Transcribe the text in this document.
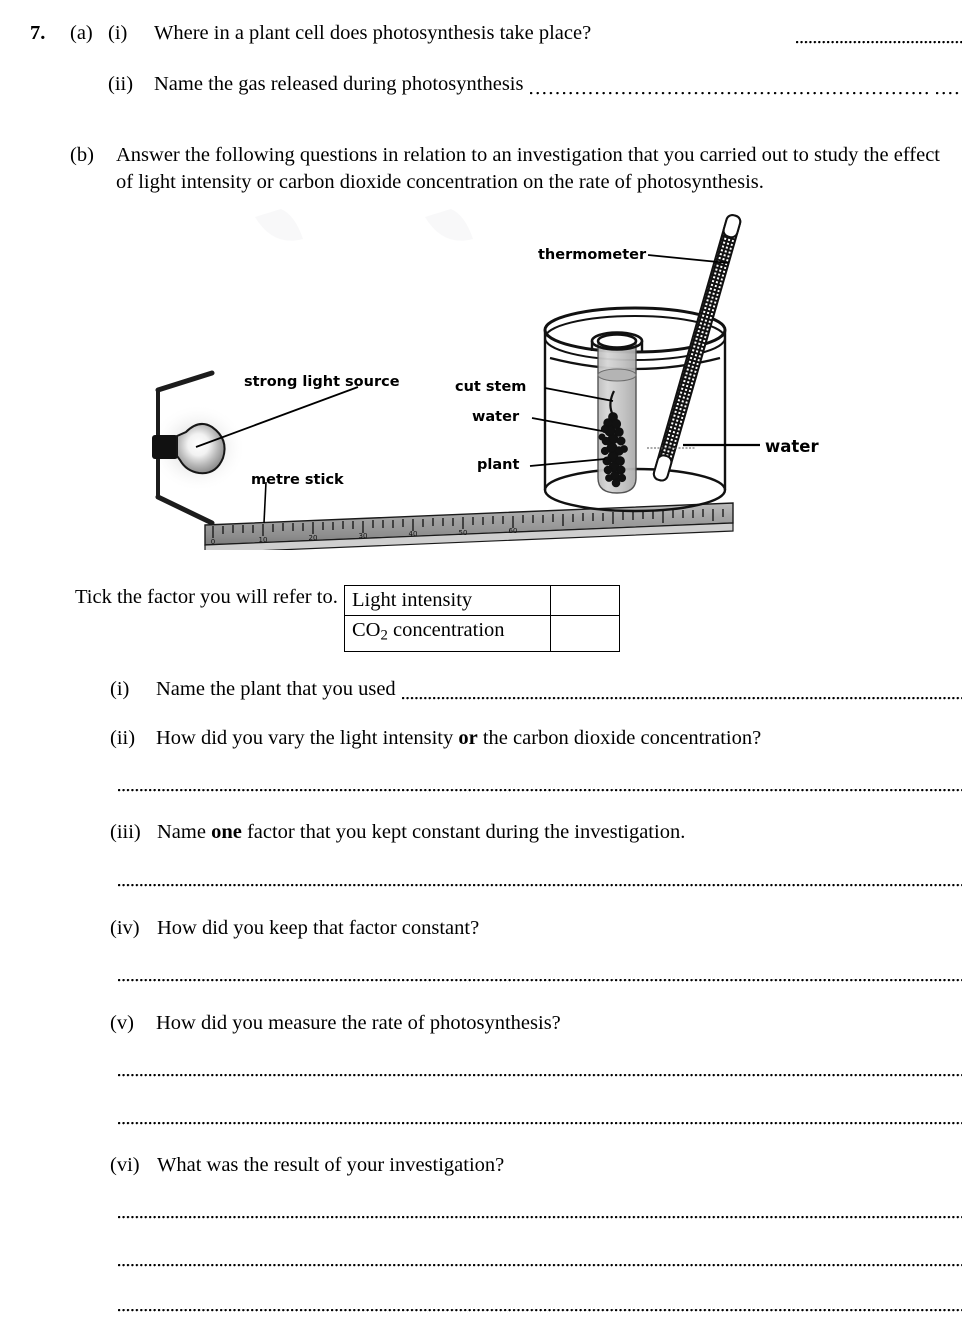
7.	(a) (i)	Where in a plant cell does photosynthesis take place?
(ii)	Name the gas released during photosynthesis
(b)	Answer the following questions in relation to an investigation that you carried out to study the effect of light intensity or carbon dioxide concentration on the rate of photosynthesis.
0	10	20	30	40	50	60
thermometer
strong light source	cut stem
water
plant
metre stick
water
Tick the factor you will refer to. Light intensity	
$CO_2$ concentration	
(i)	Name the plant that you used
(ii)	How did you vary the light intensity or the carbon dioxide concentration?
(iii) Name one factor that you kept constant during the investigation.
(iv) How did you keep that factor constant?
(v)	How did you measure the rate of photosynthesis?
(vi) What was the result of your investigation?
